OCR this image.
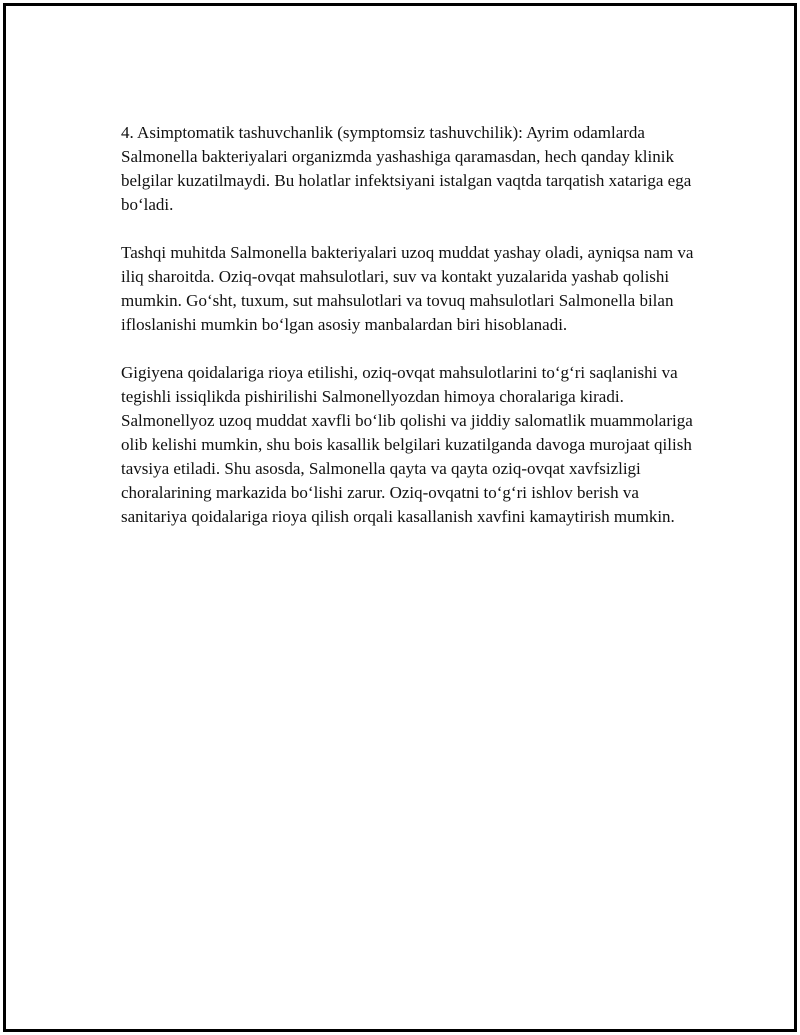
4. Asimptomatik tashuvchanlik (symptomsiz tashuvchilik): Ayrim odamlarda Salmonella bakteriyalari organizmda yashashiga qaramasdan, hech qanday klinik belgilar kuzatilmaydi. Bu holatlar infektsiyani istalgan vaqtda tarqatish xatariga ega bo‘ladi.

Tashqi muhitda Salmonella bakteriyalari uzoq muddat yashay oladi, ayniqsa nam va iliq sharoitda. Oziq-ovqat mahsulotlari, suv va kontakt yuzalarida yashab qolishi mumkin. Go‘sht, tuxum, sut mahsulotlari va tovuq mahsulotlari Salmonella bilan ifloslanishi mumkin bo‘lgan asosiy manbalardan biri hisoblanadi.

Gigiyena qoidalariga rioya etilishi, oziq-ovqat mahsulotlarini to‘g‘ri saqlanishi va tegishli issiqlikda pishirilishi Salmonellyozdan himoya choralariga kiradi. Salmonellyoz uzoq muddat xavfli bo‘lib qolishi va jiddiy salomatlik muammolariga olib kelishi mumkin, shu bois kasallik belgilari kuzatilganda davoga murojaat qilish tavsiya etiladi. Shu asosda, Salmonella qayta va qayta oziq-ovqat xavfsizligi choralarining markazida bo‘lishi zarur. Oziq-ovqatni to‘g‘ri ishlov berish va sanitariya qoidalariga rioya qilish orqali kasallanish xavfini kamaytirish mumkin.
